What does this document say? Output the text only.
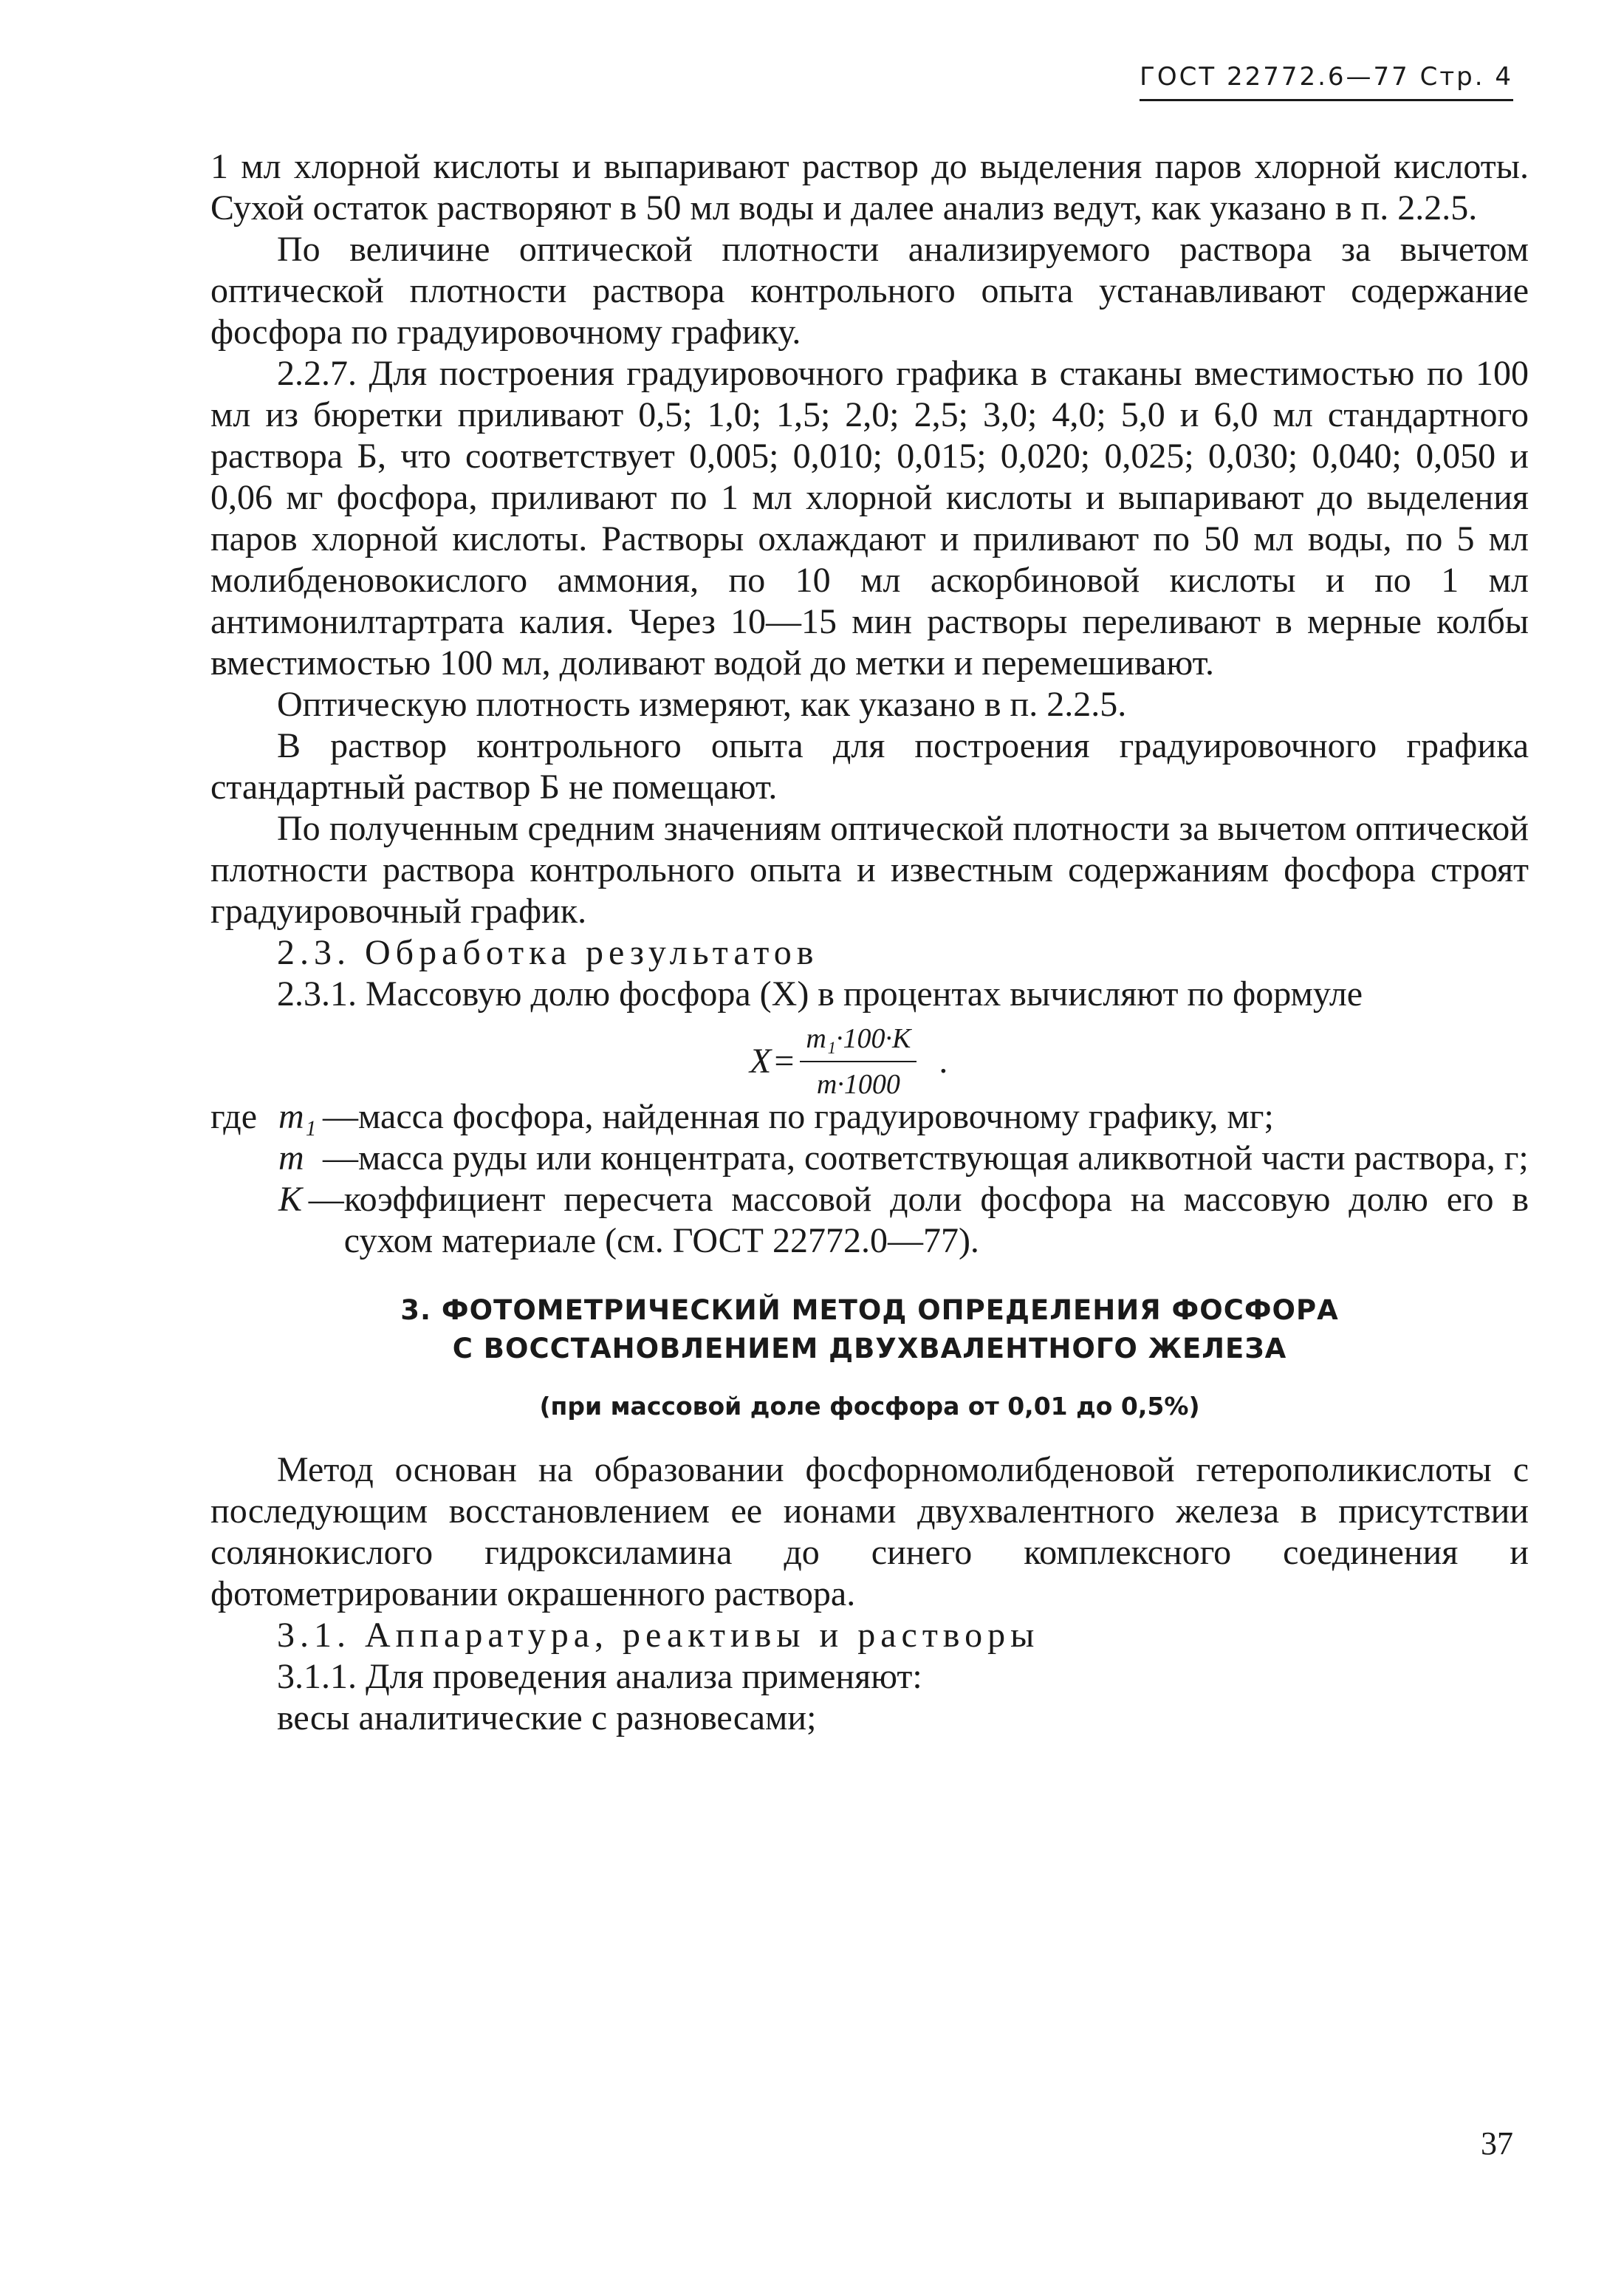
ГОСТ 22772.6—77 Стр. 4

1 мл хлорной кислоты и выпаривают раствор до выделения паров хлорной кислоты. Сухой остаток растворяют в 50 мл воды и далее анализ ведут, как указано в п. 2.2.5.

По величине оптической плотности анализируемого раствора за вычетом оптической плотности раствора контрольного опыта устанавливают содержание фосфора по градуировочному графику.

2.2.7. Для построения градуировочного графика в стаканы вместимостью по 100 мл из бюретки приливают 0,5; 1,0; 1,5; 2,0; 2,5; 3,0; 4,0; 5,0 и 6,0 мл стандартного раствора Б, что соответствует 0,005; 0,010; 0,015; 0,020; 0,025; 0,030; 0,040; 0,050 и 0,06 мг фосфора, приливают по 1 мл хлорной кислоты и выпаривают до выделения паров хлорной кислоты. Растворы охлаждают и приливают по 50 мл воды, по 5 мл молибденовокислого аммония, по 10 мл аскорбиновой кислоты и по 1 мл антимонилтартрата калия. Через 10—15 мин растворы переливают в мерные колбы вместимостью 100 мл, доливают водой до метки и перемешивают.

Оптическую плотность измеряют, как указано в п. 2.2.5.

В раствор контрольного опыта для построения градуировочного графика стандартный раствор Б не помещают.

По полученным средним значениям оптической плотности за вычетом оптической плотности раствора контрольного опыта и известным содержаниям фосфора строят градуировочный график.

2.3. Обработка результатов

2.3.1. Массовую долю фосфора (X) в процентах вычисляют по формуле

$X = \frac{\text{m₁·100·K}}{m\cdot 1000}$ .
где m₁ — масса фосфора, найденная по градуировочному графику, мг;
m — масса руды или концентрата, соответствующая аликвотной части раствора, г;
K — коэффициент пересчета массовой доли фосфора на массовую долю его в сухом материале (см. ГОСТ 22772.0—77).
3. ФОТОМЕТРИЧЕСКИЙ МЕТОД ОПРЕДЕЛЕНИЯ ФОСФОРА
С ВОССТАНОВЛЕНИЕМ ДВУХВАЛЕНТНОГО ЖЕЛЕЗА
(при массовой доле фосфора от 0,01 до 0,5%)

Метод основан на образовании фосфорномолибденовой гетерополикислоты с последующим восстановлением ее ионами двухвалентного железа в присутствии солянокислого гидроксиламина до синего комплексного соединения и фотометрировании окрашенного раствора.

3.1. Аппаратура, реактивы и растворы

3.1.1. Для проведения анализа применяют:

весы аналитические с разновесами;

37
